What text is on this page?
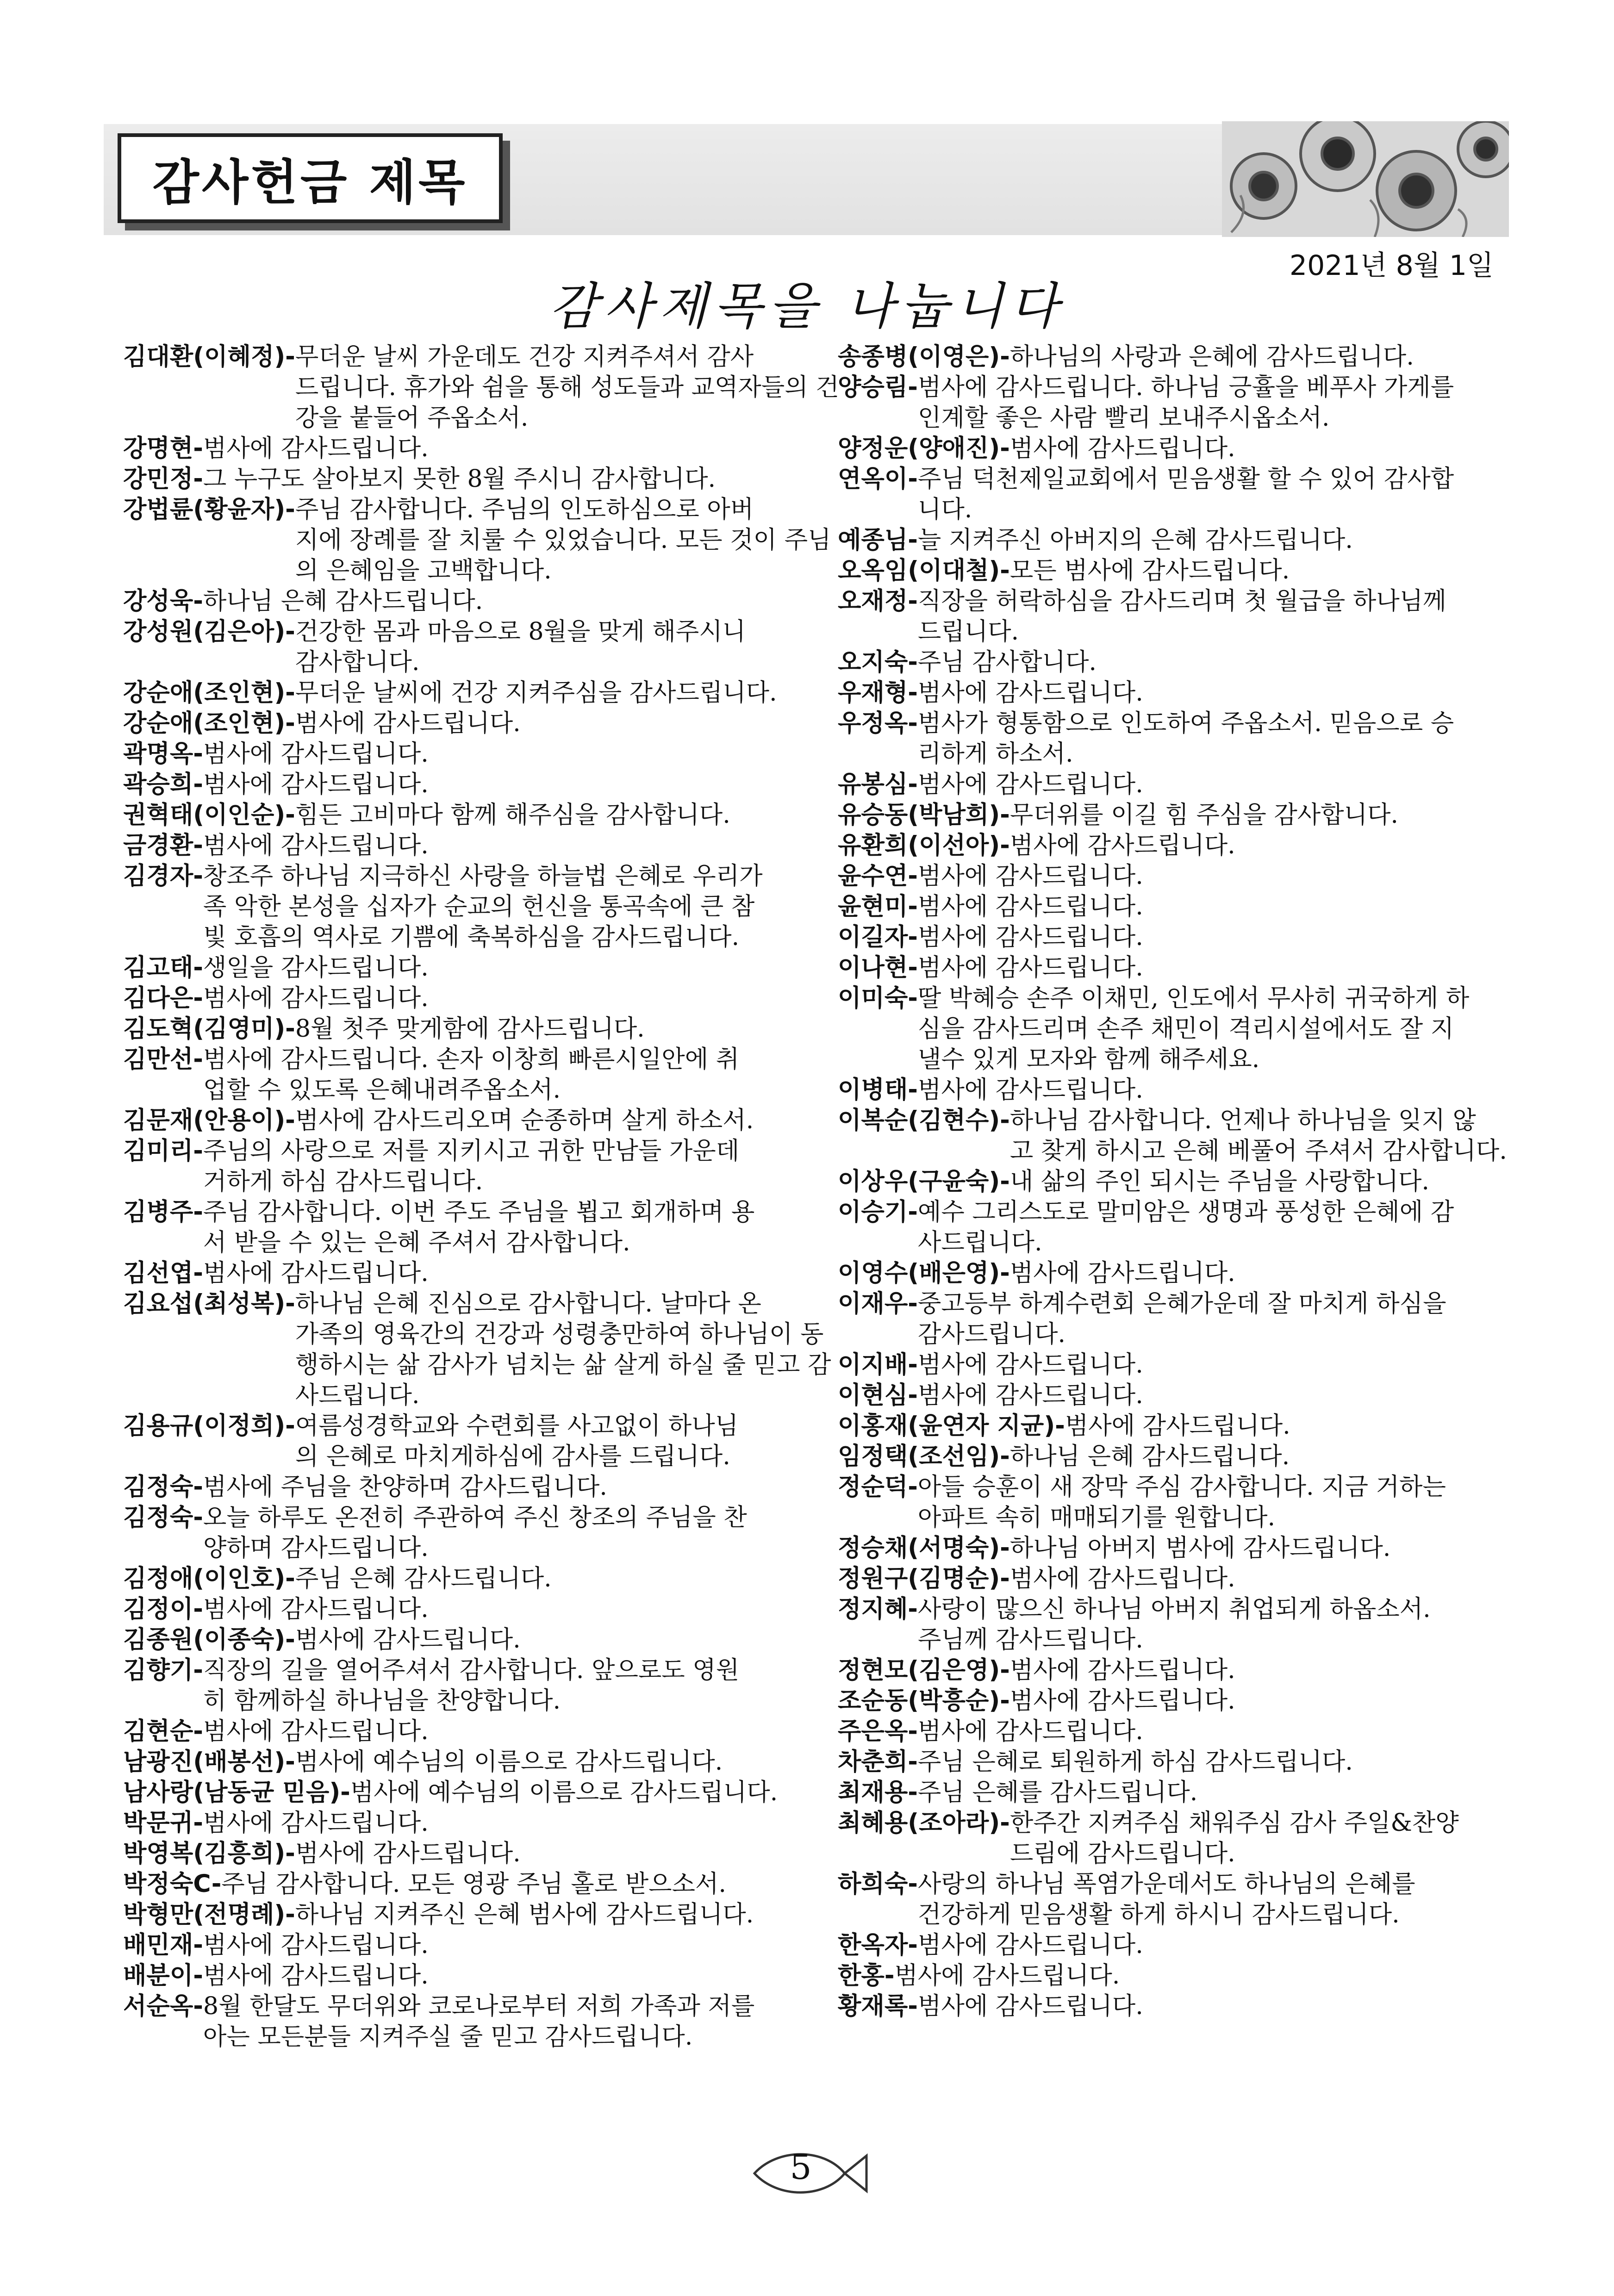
감사헌금 제목
2021년 8월 1일
감사제목을 나눕니다
김대환(이혜정)- 무더운 날씨 가운데도 건강 지켜주셔서 감사
드립니다. 휴가와 쉼을 통해 성도들과 교역자들의 건
강을 붙들어 주옵소서.
강명현- 범사에 감사드립니다.
강민정- 그 누구도 살아보지 못한 8월 주시니 감사합니다.
강법륜(황윤자)- 주님 감사합니다. 주님의 인도하심으로 아버
지에 장례를 잘 치룰 수 있었습니다. 모든 것이 주님
의 은혜임을 고백합니다.
강성욱- 하나님 은혜 감사드립니다.
강성원(김은아)- 건강한 몸과 마음으로 8월을 맞게 해주시니
감사합니다.
강순애(조인현)- 무더운 날씨에 건강 지켜주심을 감사드립니다.
강순애(조인현)- 범사에 감사드립니다.
곽명옥- 범사에 감사드립니다.
곽승희- 범사에 감사드립니다.
권혁태(이인순)- 힘든 고비마다 함께 해주심을 감사합니다.
금경환- 범사에 감사드립니다.
김경자- 창조주 하나님 지극하신 사랑을 하늘법 은혜로 우리가
족 악한 본성을 십자가 순교의 헌신을 통곡속에 큰 참
빛 호흡의 역사로 기쁨에 축복하심을 감사드립니다.
김고태- 생일을 감사드립니다.
김다은- 범사에 감사드립니다.
김도혁(김영미)- 8월 첫주 맞게함에 감사드립니다.
김만선- 범사에 감사드립니다. 손자 이창희 빠른시일안에 취
업할 수 있도록 은혜내려주옵소서.
김문재(안용이)- 범사에 감사드리오며 순종하며 살게 하소서.
김미리- 주님의 사랑으로 저를 지키시고 귀한 만남들 가운데
거하게 하심 감사드립니다.
김병주- 주님 감사합니다. 이번 주도 주님을 뵙고 회개하며 용
서 받을 수 있는 은혜 주셔서 감사합니다.
김선엽- 범사에 감사드립니다.
김요섭(최성복)- 하나님 은혜 진심으로 감사합니다. 날마다 온
가족의 영육간의 건강과 성령충만하여 하나님이 동
행하시는 삶 감사가 넘치는 삶 살게 하실 줄 믿고 감
사드립니다.
김용규(이정희)- 여름성경학교와 수련회를 사고없이 하나님
의 은혜로 마치게하심에 감사를 드립니다.
김정숙- 범사에 주님을 찬양하며 감사드립니다.
김정숙- 오늘 하루도 온전히 주관하여 주신 창조의 주님을 찬
양하며 감사드립니다.
김정애(이인호)- 주님 은혜 감사드립니다.
김정이- 범사에 감사드립니다.
김종원(이종숙)- 범사에 감사드립니다.
김향기- 직장의 길을 열어주셔서 감사합니다. 앞으로도 영원
히 함께하실 하나님을 찬양합니다.
김현순- 범사에 감사드립니다.
남광진(배봉선)- 범사에 예수님의 이름으로 감사드립니다.
남사랑(남동균 믿음)- 범사에 예수님의 이름으로 감사드립니다.
박문귀- 범사에 감사드립니다.
박영복(김흥희)- 범사에 감사드립니다.
박정숙C- 주님 감사합니다. 모든 영광 주님 홀로 받으소서.
박형만(전명례)- 하나님 지켜주신 은혜 범사에 감사드립니다.
배민재- 범사에 감사드립니다.
배분이- 범사에 감사드립니다.
서순옥- 8월 한달도 무더위와 코로나로부터 저희 가족과 저를
아는 모든분들 지켜주실 줄 믿고 감사드립니다.
송종병(이영은)- 하나님의 사랑과 은혜에 감사드립니다.
양승림- 범사에 감사드립니다. 하나님 긍휼을 베푸사 가게를
인계할 좋은 사람 빨리 보내주시옵소서.
양정운(양애진)- 범사에 감사드립니다.
연옥이- 주님 덕천제일교회에서 믿음생활 할 수 있어 감사합
니다.
예종님- 늘 지켜주신 아버지의 은혜 감사드립니다.
오옥임(이대철)- 모든 범사에 감사드립니다.
오재정- 직장을 허락하심을 감사드리며 첫 월급을 하나님께
드립니다.
오지숙- 주님 감사합니다.
우재형- 범사에 감사드립니다.
우정옥- 범사가 형통함으로 인도하여 주옵소서. 믿음으로 승
리하게 하소서.
유봉심- 범사에 감사드립니다.
유승동(박남희)- 무더위를 이길 힘 주심을 감사합니다.
유환희(이선아)- 범사에 감사드립니다.
윤수연- 범사에 감사드립니다.
윤현미- 범사에 감사드립니다.
이길자- 범사에 감사드립니다.
이나현- 범사에 감사드립니다.
이미숙- 딸 박혜승 손주 이채민, 인도에서 무사히 귀국하게 하
심을 감사드리며 손주 채민이 격리시설에서도 잘 지
낼수 있게 모자와 함께 해주세요.
이병태- 범사에 감사드립니다.
이복순(김현수)- 하나님 감사합니다. 언제나 하나님을 잊지 않
고 찾게 하시고 은혜 베풀어 주셔서 감사합니다.
이상우(구윤숙)- 내 삶의 주인 되시는 주님을 사랑합니다.
이승기- 예수 그리스도로 말미암은 생명과 풍성한 은혜에 감
사드립니다.
이영수(배은영)- 범사에 감사드립니다.
이재우- 중고등부 하계수련회 은혜가운데 잘 마치게 하심을
감사드립니다.
이지배- 범사에 감사드립니다.
이현심- 범사에 감사드립니다.
이홍재(윤연자 지균)- 범사에 감사드립니다.
임정택(조선임)- 하나님 은혜 감사드립니다.
정순덕- 아들 승훈이 새 장막 주심 감사합니다. 지금 거하는
아파트 속히 매매되기를 원합니다.
정승채(서명숙)- 하나님 아버지 범사에 감사드립니다.
정원구(김명순)- 범사에 감사드립니다.
정지혜- 사랑이 많으신 하나님 아버지 취업되게 하옵소서.
주님께 감사드립니다.
정현모(김은영)- 범사에 감사드립니다.
조순동(박흥순)- 범사에 감사드립니다.
주은옥- 범사에 감사드립니다.
차춘희- 주님 은혜로 퇴원하게 하심 감사드립니다.
최재용- 주님 은혜를 감사드립니다.
최혜용(조아라)- 한주간 지켜주심 채워주심 감사 주일&찬양
드림에 감사드립니다.
하희숙- 사랑의 하나님 폭염가운데서도 하나님의 은혜를
건강하게 믿음생활 하게 하시니 감사드립니다.
한옥자- 범사에 감사드립니다.
한홍- 범사에 감사드립니다.
황재록- 범사에 감사드립니다.
5
